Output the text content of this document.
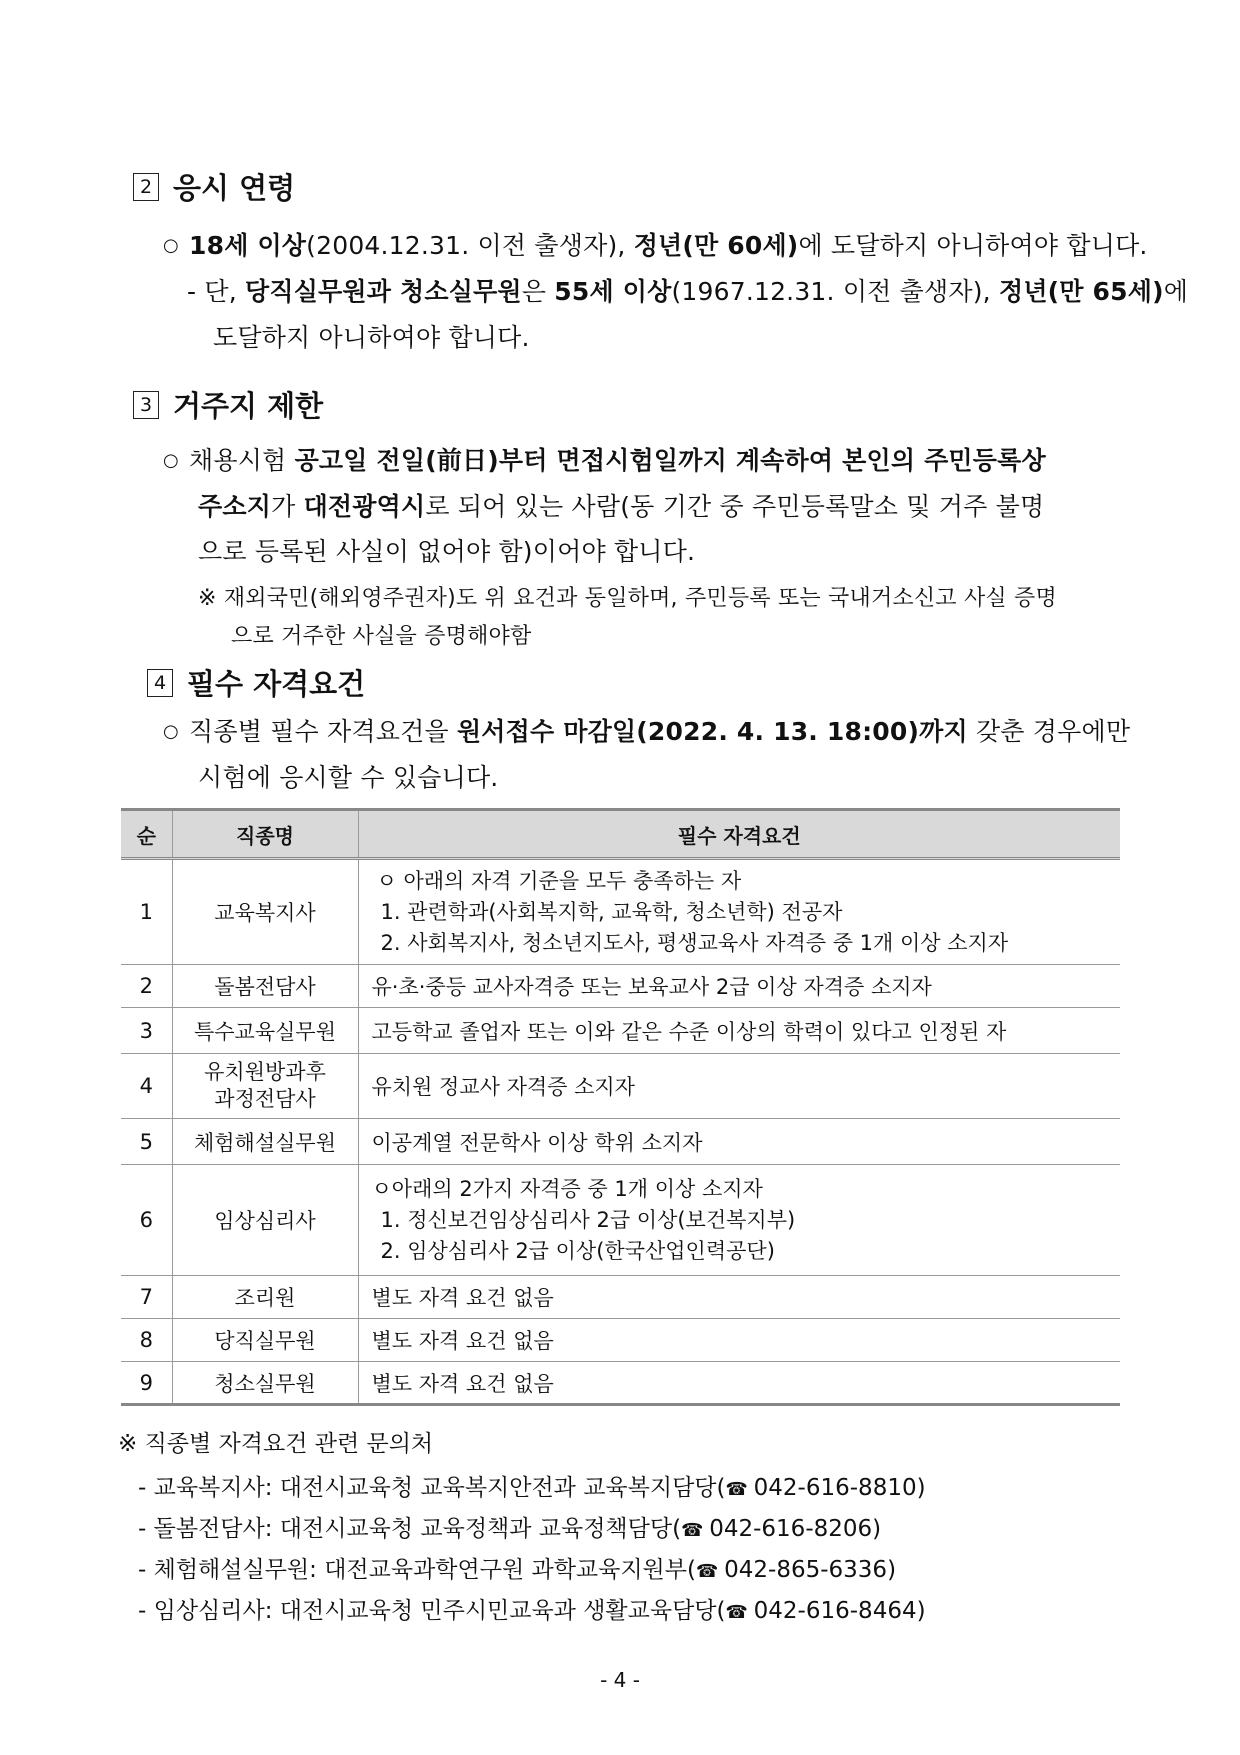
2 응시 연령
○ 18세 이상(2004.12.31. 이전 출생자), 정년(만 60세)에 도달하지 아니하여야 합니다.
- 단, 당직실무원과 청소실무원은 55세 이상(1967.12.31. 이전 출생자), 정년(만 65세)에
도달하지 아니하여야 합니다.
3 거주지 제한
○ 채용시험 공고일 전일(前日)부터 면접시험일까지 계속하여 본인의 주민등록상
주소지가 대전광역시로 되어 있는 사람(동 기간 중 주민등록말소 및 거주 불명
으로 등록된 사실이 없어야 함)이어야 합니다.
※ 재외국민(해외영주권자)도 위 요건과 동일하며, 주민등록 또는 국내거소신고 사실 증명
으로 거주한 사실을 증명해야함
4 필수 자격요건
○ 직종별 필수 자격요건을 원서접수 마감일(2022. 4. 13. 18:00)까지 갖춘 경우에만
시험에 응시할 수 있습니다.
순	직종명	필수 자격요건
1	교육복지사	ㅇ 아래의 자격 기준을 모두 충족하는 자
1. 관련학과(사회복지학, 교육학, 청소년학) 전공자
2. 사회복지사, 청소년지도사, 평생교육사 자격증 중 1개 이상 소지자

2	돌봄전담사	유·초·중등 교사자격증 또는 보육교사 2급 이상 자격증 소지자
3	특수교육실무원	고등학교 졸업자 또는 이와 같은 수준 이상의 학력이 있다고 인정된 자
4	유치원방과후
과정전담사	유치원 정교사 자격증 소지자
5	체험해설실무원	이공계열 전문학사 이상 학위 소지자
6	임상심리사	ㅇ아래의 2가지 자격증 중 1개 이상 소지자
1. 정신보건임상심리사 2급 이상(보건복지부)
2. 임상심리사 2급 이상(한국산업인력공단)

7	조리원	별도 자격 요건 없음
8	당직실무원	별도 자격 요건 없음
9	청소실무원	별도 자격 요건 없음
※ 직종별 자격요건 관련 문의처
- 교육복지사: 대전시교육청 교육복지안전과 교육복지담당(☎ 042-616-8810)
- 돌봄전담사: 대전시교육청 교육정책과 교육정책담당(☎ 042-616-8206)
- 체험해설실무원: 대전교육과학연구원 과학교육지원부(☎ 042-865-6336)
- 임상심리사: 대전시교육청 민주시민교육과 생활교육담당(☎ 042-616-8464)
- 4 -
